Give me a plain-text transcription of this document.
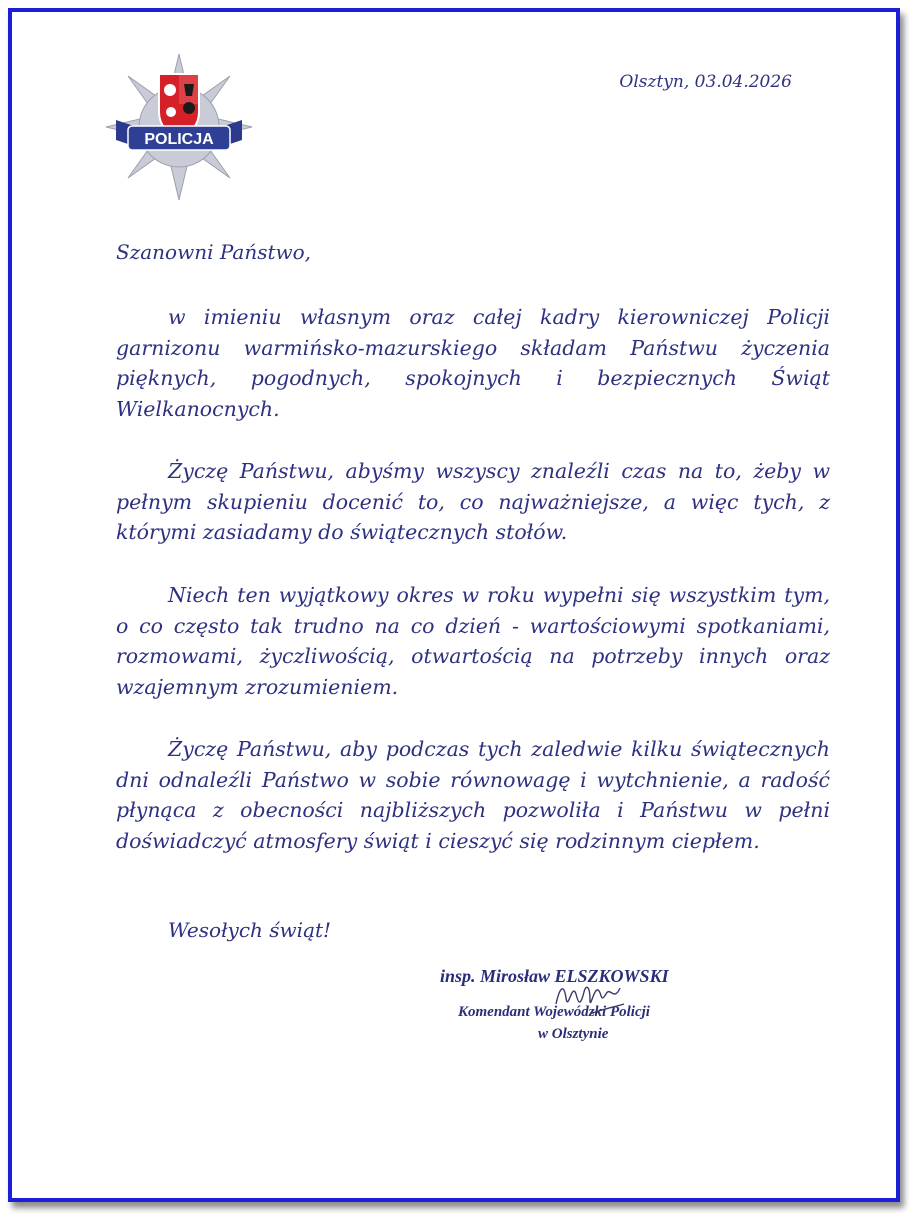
POLICJA
Olsztyn, 03.04.2026
Szanowni Państwo,

w imieniu własnym oraz całej kadry kierowniczej Policji garnizonu warmińsko-mazurskiego składam Państwu życzenia pięknych, pogodnych, spokojnych i bezpiecznych Świąt Wielkanocnych.

Życzę Państwu, abyśmy wszyscy znaleźli czas na to, żeby w pełnym skupieniu docenić to, co najważniejsze, a więc tych, z którymi zasiadamy do świątecznych stołów.

Niech ten wyjątkowy okres w roku wypełni się wszystkim tym, o co często tak trudno na co dzień - wartościowymi spotkaniami, rozmowami, życzliwością, otwartością na potrzeby innych oraz wzajemnym zrozumieniem.

Życzę Państwu, aby podczas tych zaledwie kilku świątecznych dni odnaleźli Państwo w sobie równowagę i wytchnienie, a radość płynąca z obecności najbliższych pozwoliła i Państwu w pełni doświadczyć atmosfery świąt i cieszyć się rodzinnym ciepłem.

Wesołych świąt!
insp. Mirosław ELSZKOWSKI
Komendant Wojewódzki Policji
w Olsztynie
